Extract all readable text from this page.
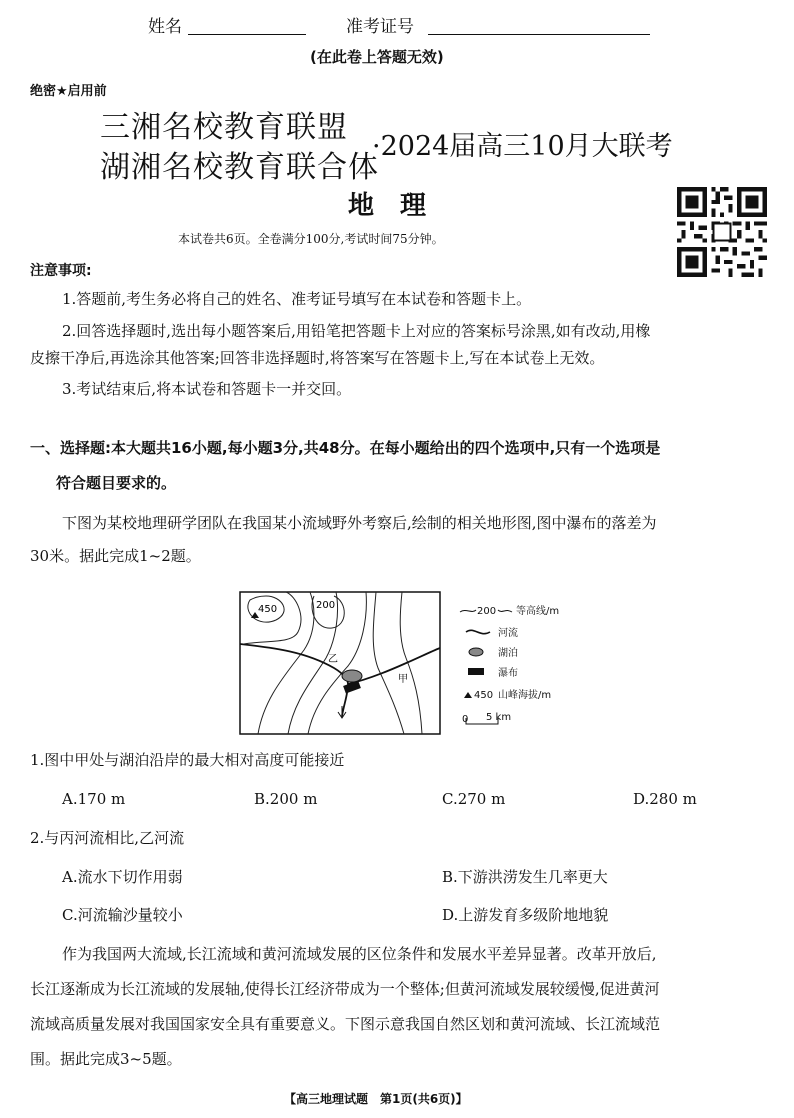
姓名	准考证号
(在此卷上答题无效)
绝密★启用前
三湘名校教育联盟
湖湘名校教育联合体
·2024届高三10月大联考
地　理
本试卷共6页。全卷满分100分,考试时间75分钟。
注意事项:
1.答题前,考生务必将自己的姓名、准考证号填写在本试卷和答题卡上。
2.回答选择题时,选出每小题答案后,用铅笔把答题卡上对应的答案标号涂黑,如有改动,用橡
皮擦干净后,再选涂其他答案;回答非选择题时,将答案写在答题卡上,写在本试卷上无效。
3.考试结束后,将本试卷和答题卡一并交回。
一、选择题:本大题共16小题,每小题3分,共48分。在每小题给出的四个选项中,只有一个选项是
符合题目要求的。
下图为某校地理研学团队在我国某小流域野外考察后,绘制的相关地形图,图中瀑布的落差为
30米。据此完成1~2题。
450	200
乙
甲
200 等高线/m
河流
湖泊
瀑布
450 山峰海拔/m
0 5 km
1.图中甲处与湖泊沿岸的最大相对高度可能接近
A.170 m	B.200 m	C.270 m	D.280 m
2.与丙河流相比,乙河流
A.流水下切作用弱	B.下游洪涝发生几率更大
C.河流输沙量较小	D.上游发育多级阶地地貌
作为我国两大流域,长江流域和黄河流域发展的区位条件和发展水平差异显著。改革开放后,
长江逐渐成为长江流域的发展轴,使得长江经济带成为一个整体;但黄河流域发展较缓慢,促进黄河
流域高质量发展对我国国家安全具有重要意义。下图示意我国自然区划和黄河流域、长江流域范
围。据此完成3~5题。
【高三地理试题　第1页(共6页)】
